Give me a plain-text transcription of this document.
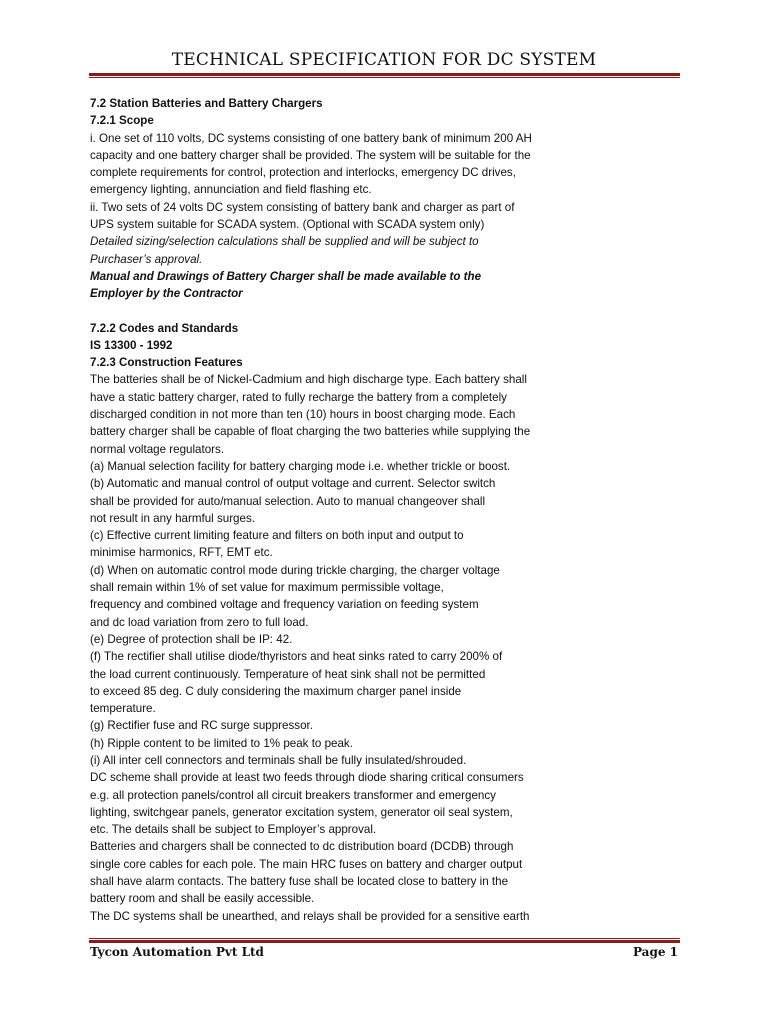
TECHNICAL SPECIFICATION FOR DC SYSTEM

7.2 Station Batteries and Battery Chargers

7.2.1 Scope

i. One set of 110 volts, DC systems consisting of one battery bank of minimum 200 AH

capacity and one battery charger shall be provided. The system will be suitable for the

complete requirements for control, protection and interlocks, emergency DC drives,

emergency lighting, annunciation and field flashing etc.

ii. Two sets of 24 volts DC system consisting of battery bank and charger as part of

UPS system suitable for SCADA system. (Optional with SCADA system only)

Detailed sizing/selection calculations shall be supplied and will be subject to

Purchaser’s approval.

Manual and Drawings of Battery Charger shall be made available to the

Employer by the Contractor

7.2.2 Codes and Standards

IS 13300 - 1992

7.2.3 Construction Features

The batteries shall be of Nickel-Cadmium and high discharge type. Each battery shall

have a static battery charger, rated to fully recharge the battery from a completely

discharged condition in not more than ten (10) hours in boost charging mode. Each

battery charger shall be capable of float charging the two batteries while supplying the

normal voltage regulators.

(a) Manual selection facility for battery charging mode i.e. whether trickle or boost.

(b) Automatic and manual control of output voltage and current. Selector switch

shall be provided for auto/manual selection. Auto to manual changeover shall

not result in any harmful surges.

(c) Effective current limiting feature and filters on both input and output to

minimise harmonics, RFT, EMT etc.

(d) When on automatic control mode during trickle charging, the charger voltage

shall remain within 1% of set value for maximum permissible voltage,

frequency and combined voltage and frequency variation on feeding system

and dc load variation from zero to full load.

(e) Degree of protection shall be IP: 42.

(f) The rectifier shall utilise diode/thyristors and heat sinks rated to carry 200% of

the load current continuously. Temperature of heat sink shall not be permitted

to exceed 85 deg. C duly considering the maximum charger panel inside

temperature.

(g) Rectifier fuse and RC surge suppressor.

(h) Ripple content to be limited to 1% peak to peak.

(i) All inter cell connectors and terminals shall be fully insulated/shrouded.

DC scheme shall provide at least two feeds through diode sharing critical consumers

e.g. all protection panels/control all circuit breakers transformer and emergency

lighting, switchgear panels, generator excitation system, generator oil seal system,

etc. The details shall be subject to Employer’s approval.

Batteries and chargers shall be connected to dc distribution board (DCDB) through

single core cables for each pole. The main HRC fuses on battery and charger output

shall have alarm contacts. The battery fuse shall be located close to battery in the

battery room and shall be easily accessible.

The DC systems shall be unearthed, and relays shall be provided for a sensitive earth

Tycon Automation Pvt Ltd	Page 1
